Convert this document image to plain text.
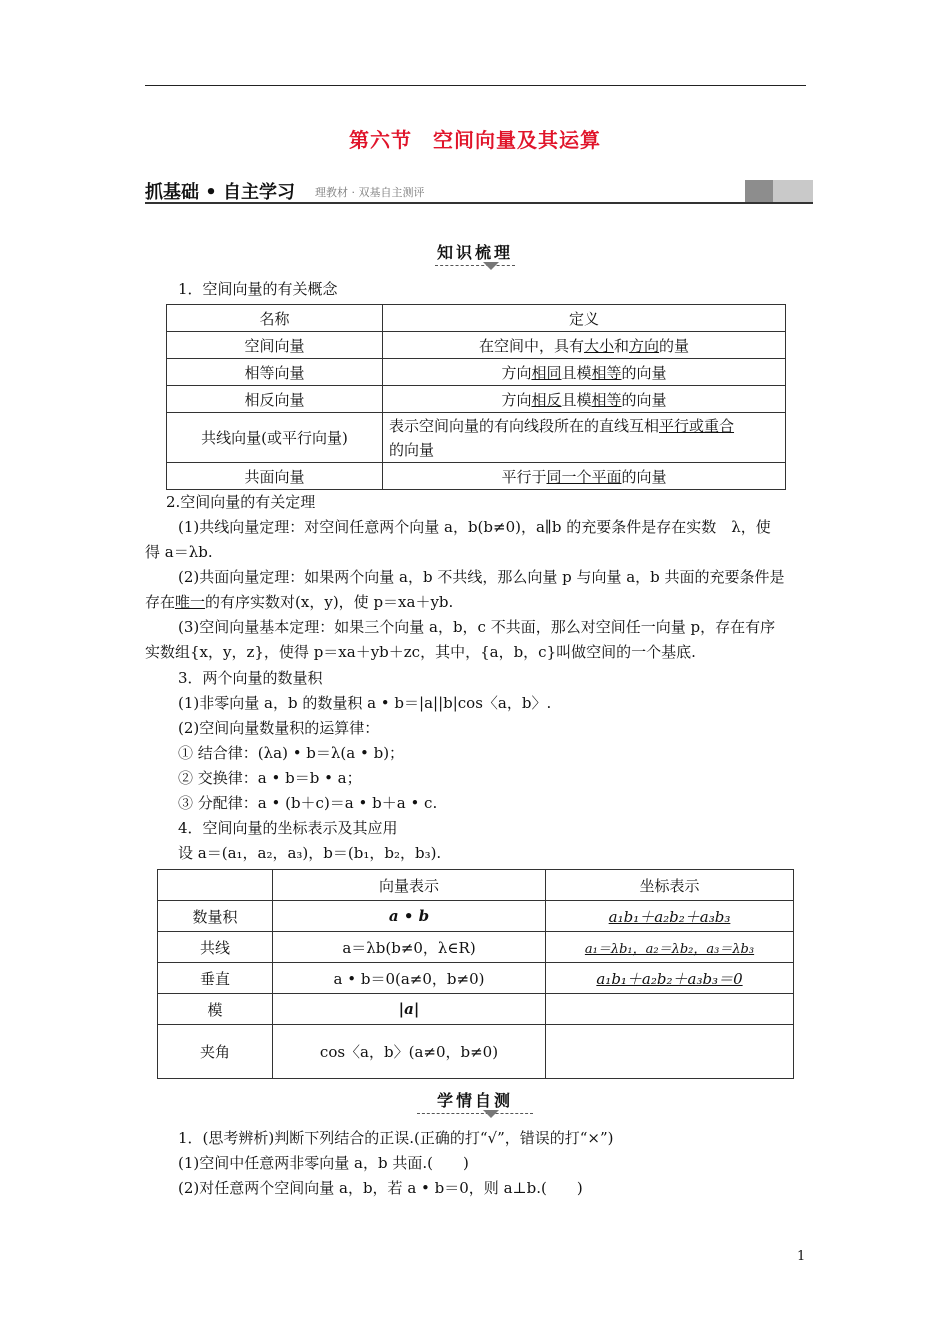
第六节　空间向量及其运算
抓基础 • 自主学习 理教材 · 双基自主测评
知识梳理
1．空间向量的有关概念
名称	定义
空间向量	在空间中，具有大小和方向的量
相等向量	方向相同且模相等的向量
相反向量	方向相反且模相等的向量
共线向量(或平行向量)	表示空间向量的有向线段所在的直线互相平行或重合
的向量
共面向量	平行于同一个平面的向量
2.空间向量的有关定理
(1)共线向量定理：对空间任意两个向量 a，b(b≠0)，a∥b 的充要条件是存在实数　λ，使
得 a＝λb.
(2)共面向量定理：如果两个向量 a，b 不共线，那么向量 p 与向量 a，b 共面的充要条件是
存在唯一的有序实数对(x，y)，使 p＝xa＋yb.
(3)空间向量基本定理：如果三个向量 a，b，c 不共面，那么对空间任一向量 p，存在有序
实数组{x，y，z}，使得 p＝xa＋yb＋zc，其中，{a，b，c}叫做空间的一个基底.
3．两个向量的数量积
(1)非零向量 a，b 的数量积 a • b＝|a||b|cos〈a，b〉.
(2)空间向量数量积的运算律：
① 结合律：(λa) • b＝λ(a • b)；
② 交换律：a • b＝b • a；
③ 分配律：a • (b＋c)＝a • b＋a • c.
4．空间向量的坐标表示及其应用
设 a＝(a₁，a₂，a₃)，b＝(b₁，b₂，b₃).
	向量表示	坐标表示
数量积	a • b	a₁b₁＋a₂b₂＋a₃b₃
共线	a＝λb(b≠0，λ∈R)	a₁＝λb₁，a₂＝λb₂，a₃＝λb₃
垂直	a • b＝0(a≠0，b≠0)	a₁b₁＋a₂b₂＋a₃b₃＝0
模	|a|	
夹角	cos〈a，b〉(a≠0，b≠0)	
学情自测
1．(思考辨析)判断下列结合的正误.(正确的打“√”，错误的打“×”)
(1)空间中任意两非零向量 a，b 共面.(　　)
(2)对任意两个空间向量 a，b，若 a • b＝0，则 a⊥b.(　　)
1
